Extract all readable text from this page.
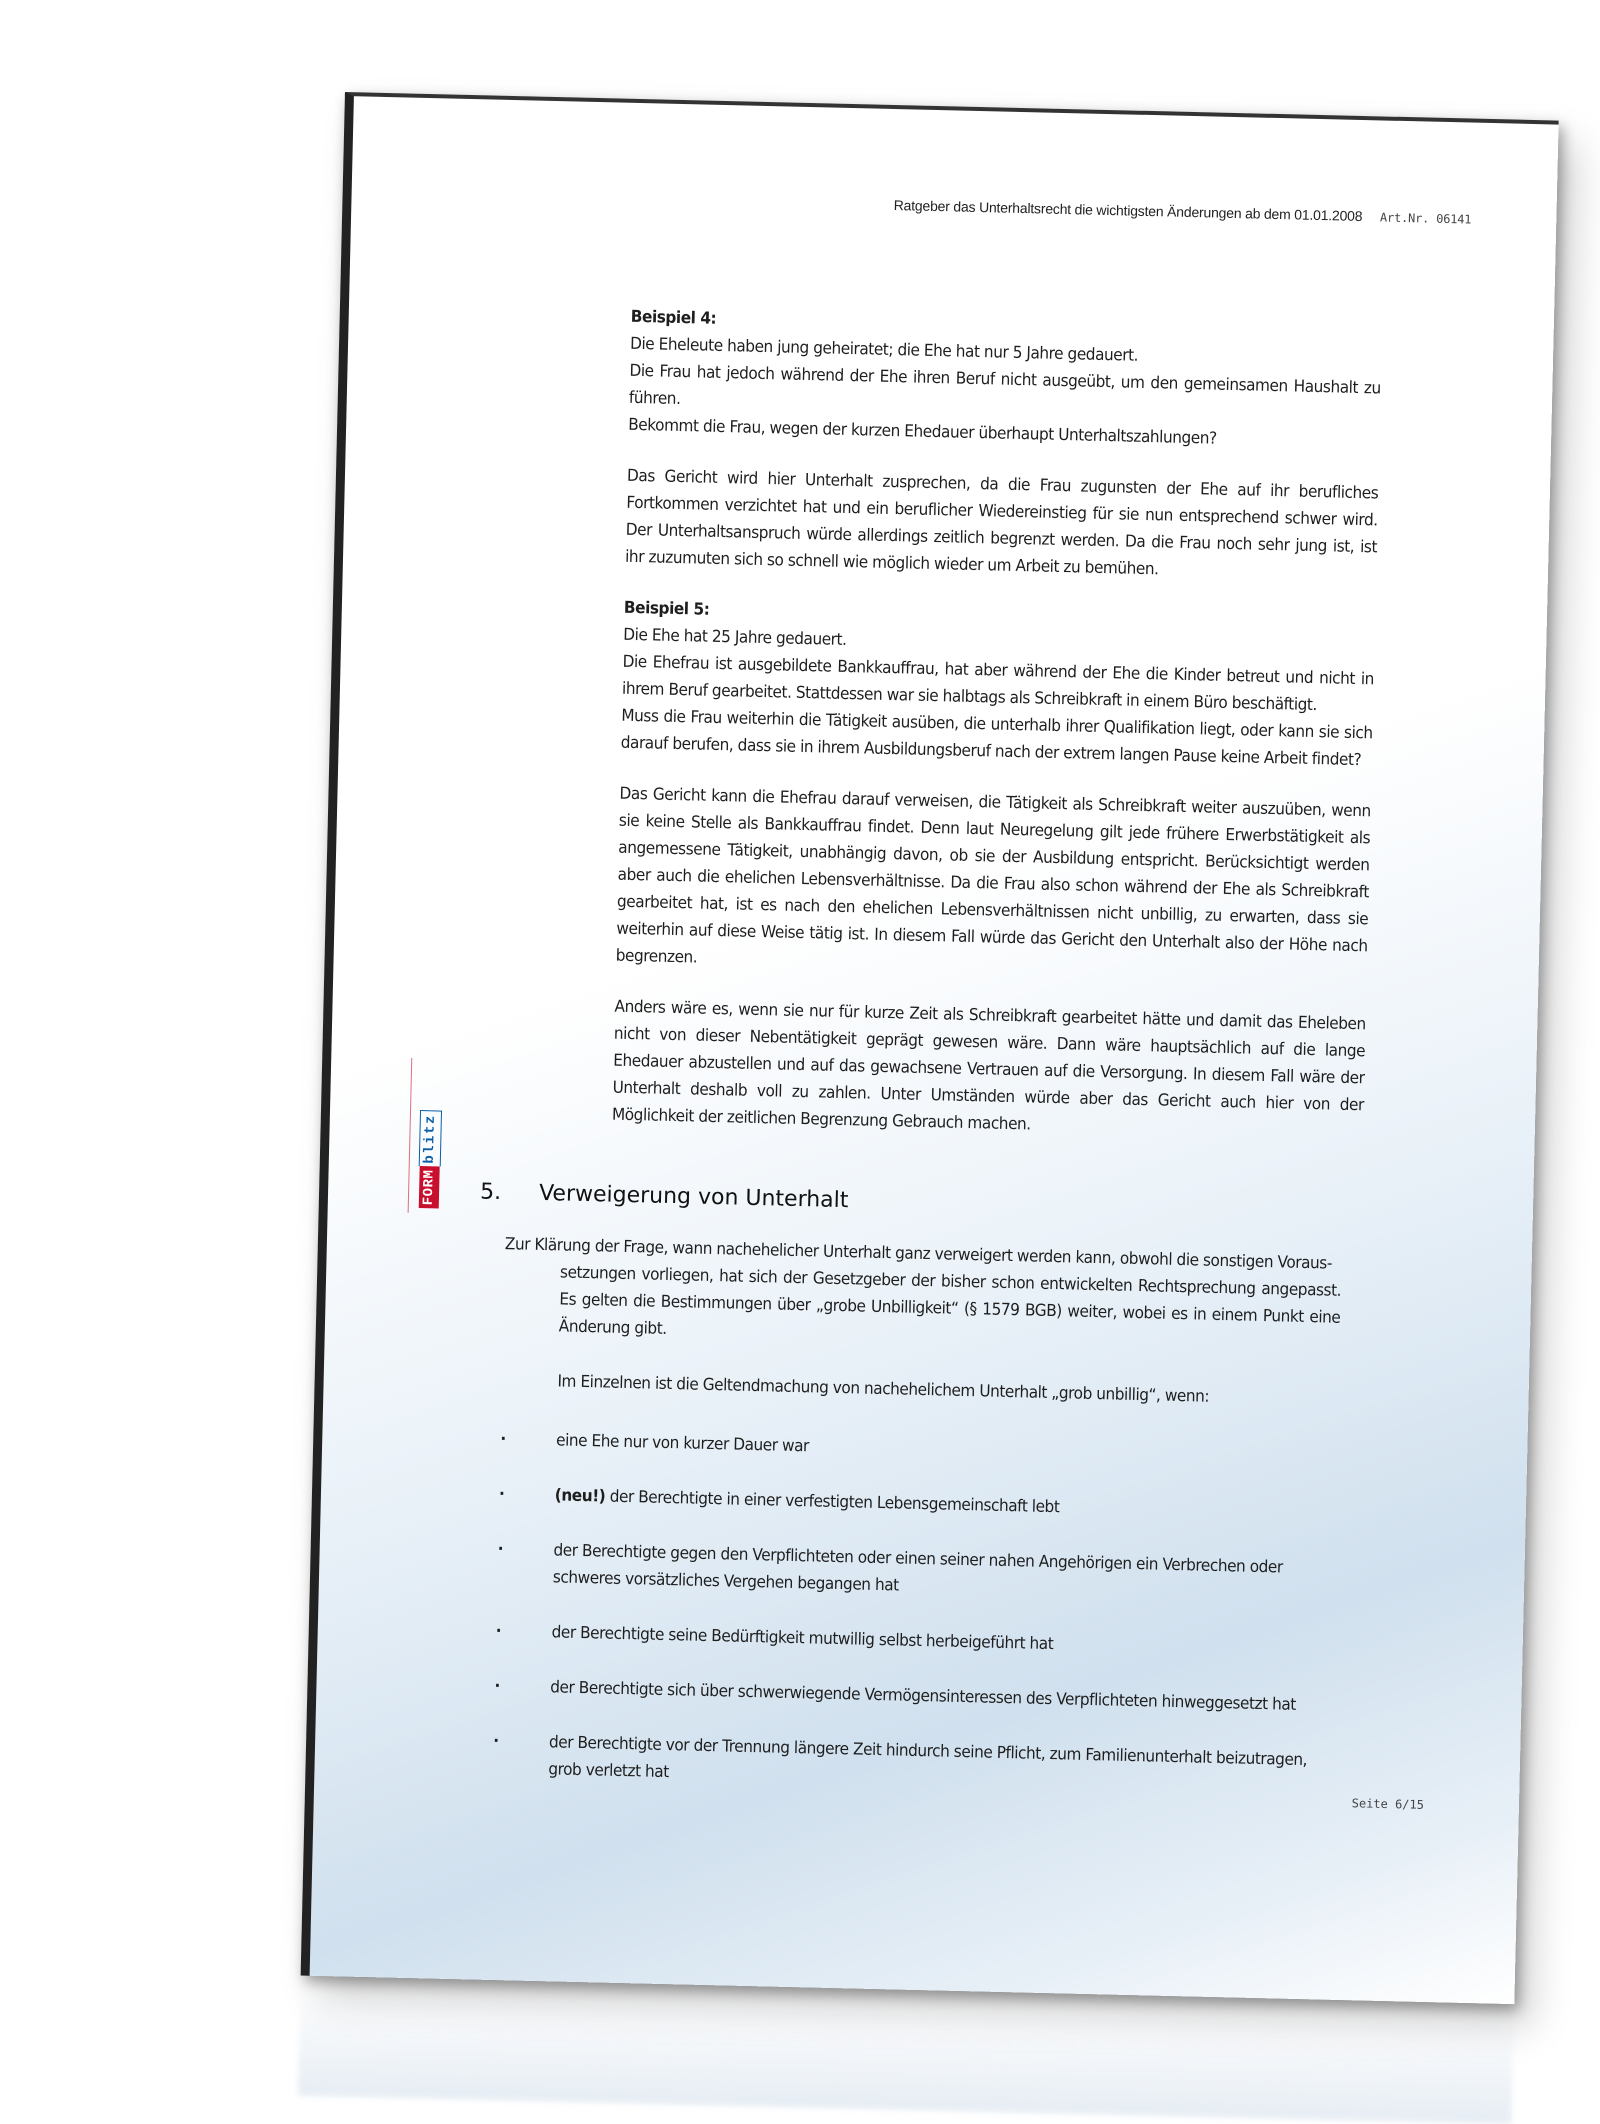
Ratgeber das Unterhaltsrecht die wichtigsten Änderungen ab dem 01.01.2008 Art.Nr. 06141
FORM
blitz

Beispiel 4:
Die Eheleute haben jung geheiratet; die Ehe hat nur 5 Jahre gedauert.
Die Frau hat jedoch während der Ehe ihren Beruf nicht ausgeübt, um den gemeinsamen Haushalt zu führen.
Bekommt die Frau, wegen der kurzen Ehedauer überhaupt Unterhaltszahlungen?

Das Gericht wird hier Unterhalt zusprechen, da die Frau zugunsten der Ehe auf ihr berufliches Fortkommen verzichtet hat und ein beruflicher Wiedereinstieg für sie nun entsprechend schwer wird. Der Unterhaltsanspruch würde allerdings zeitlich begrenzt werden. Da die Frau noch sehr jung ist, ist ihr zuzumuten sich so schnell wie möglich wieder um Arbeit zu bemühen.

Beispiel 5:
Die Ehe hat 25 Jahre gedauert.
Die Ehefrau ist ausgebildete Bankkauffrau, hat aber während der Ehe die Kinder betreut und nicht in ihrem Beruf gearbeitet. Stattdessen war sie halbtags als Schreibkraft in einem Büro beschäftigt.
Muss die Frau weiterhin die Tätigkeit ausüben, die unterhalb ihrer Qualifikation liegt, oder kann sie sich darauf berufen, dass sie in ihrem Ausbildungsberuf nach der extrem langen Pause keine Arbeit findet?

Das Gericht kann die Ehefrau darauf verweisen, die Tätigkeit als Schreibkraft weiter auszuüben, wenn sie keine Stelle als Bankkauffrau findet. Denn laut Neuregelung gilt jede frühere Erwerbstätigkeit als angemessene Tätigkeit, unabhängig davon, ob sie der Ausbildung entspricht. Berücksichtigt werden aber auch die ehelichen Lebensverhältnisse. Da die Frau also schon während der Ehe als Schreibkraft gearbeitet hat, ist es nach den ehelichen Lebensverhältnissen nicht unbillig, zu erwarten, dass sie weiterhin auf diese Weise tätig ist. In diesem Fall würde das Gericht den Unterhalt also der Höhe nach begrenzen.

Anders wäre es, wenn sie nur für kurze Zeit als Schreibkraft gearbeitet hätte und damit das Eheleben nicht von dieser Nebentätigkeit geprägt gewesen wäre. Dann wäre hauptsächlich auf die lange Ehedauer abzustellen und auf das gewachsene Vertrauen auf die Versorgung. In diesem Fall wäre der Unterhalt deshalb voll zu zahlen. Unter Umständen würde aber das Gericht auch hier von der Möglichkeit der zeitlichen Begrenzung Gebrauch machen.

5. Verweigerung von Unterhalt

Zur Klärung der Frage, wann nachehelicher Unterhalt ganz verweigert werden kann, obwohl die sonstigen Voraus-
setzungen vorliegen, hat sich der Gesetzgeber der bisher schon entwickelten Rechtsprechung angepasst. Es gelten die Bestimmungen über „grobe Unbilligkeit“ (§ 1579 BGB) weiter, wobei es in einem Punkt eine Änderung gibt.

Im Einzelnen ist die Geltendmachung von nachehelichem Unterhalt „grob unbillig“, wenn:

·	eine Ehe nur von kurzer Dauer war
·	(neu!) der Berechtigte in einer verfestigten Lebensgemeinschaft lebt
·	der Berechtigte gegen den Verpflichteten oder einen seiner nahen Angehörigen ein Verbrechen oder schweres vorsätzliches Vergehen begangen hat
·	der Berechtigte seine Bedürftigkeit mutwillig selbst herbeigeführt hat
·	der Berechtigte sich über schwerwiegende Vermögensinteressen des Verpflichteten hinweggesetzt hat
·	der Berechtigte vor der Trennung längere Zeit hindurch seine Pflicht, zum Familienunterhalt beizutragen, grob verletzt hat
Seite 6/15
